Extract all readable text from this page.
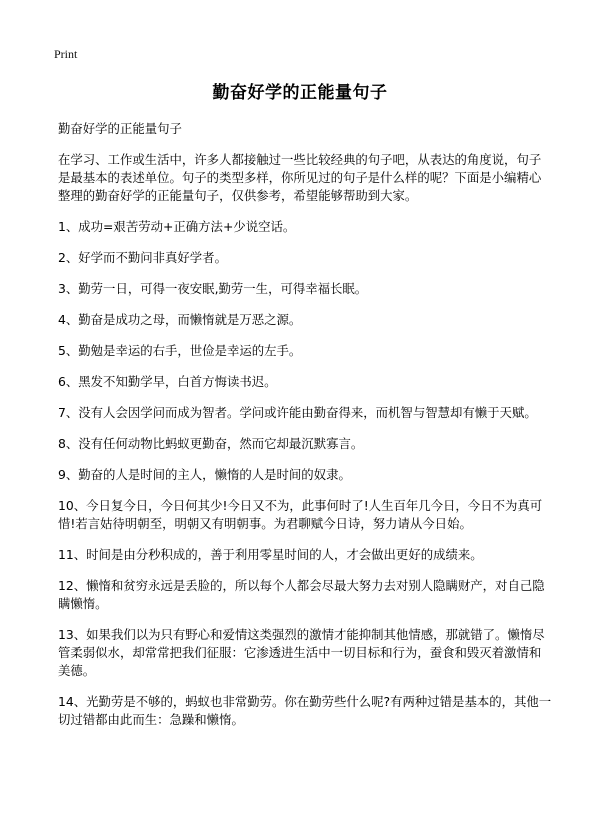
Print
勤奋好学的正能量句子

勤奋好学的正能量句子

在学习、工作或生活中，许多人都接触过一些比较经典的句子吧，从表达的角度说，句子是最基本的表述单位。句子的类型多样，你所见过的句子是什么样的呢？下面是小编精心整理的勤奋好学的正能量句子，仅供参考，希望能够帮助到大家。

1、成功=艰苦劳动+正确方法+少说空话。

2、好学而不勤问非真好学者。

3、勤劳一日，可得一夜安眠,勤劳一生，可得幸福长眠。

4、勤奋是成功之母，而懒惰就是万恶之源。

5、勤勉是幸运的右手，世俭是幸运的左手。

6、黑发不知勤学早，白首方悔读书迟。

7、没有人会因学问而成为智者。学问或许能由勤奋得来，而机智与智慧却有懒于天赋。

8、没有任何动物比蚂蚁更勤奋，然而它却最沉默寡言。

9、勤奋的人是时间的主人，懒惰的人是时间的奴隶。

10、今日复今日，今日何其少!今日又不为，此事何时了!人生百年几今日，今日不为真可惜!若言姑待明朝至，明朝又有明朝事。为君聊赋今日诗，努力请从今日始。

11、时间是由分秒积成的，善于利用零星时间的人，才会做出更好的成绩来。

12、懒惰和贫穷永远是丢脸的，所以每个人都会尽最大努力去对别人隐瞒财产，对自己隐瞒懒惰。

13、如果我们以为只有野心和爱情这类强烈的激情才能抑制其他情感，那就错了。懒惰尽管柔弱似水，却常常把我们征服：它渗透进生活中一切目标和行为，蚕食和毁灭着激情和美德。

14、光勤劳是不够的，蚂蚁也非常勤劳。你在勤劳些什么呢?有两种过错是基本的，其他一切过错都由此而生：急躁和懒惰。
